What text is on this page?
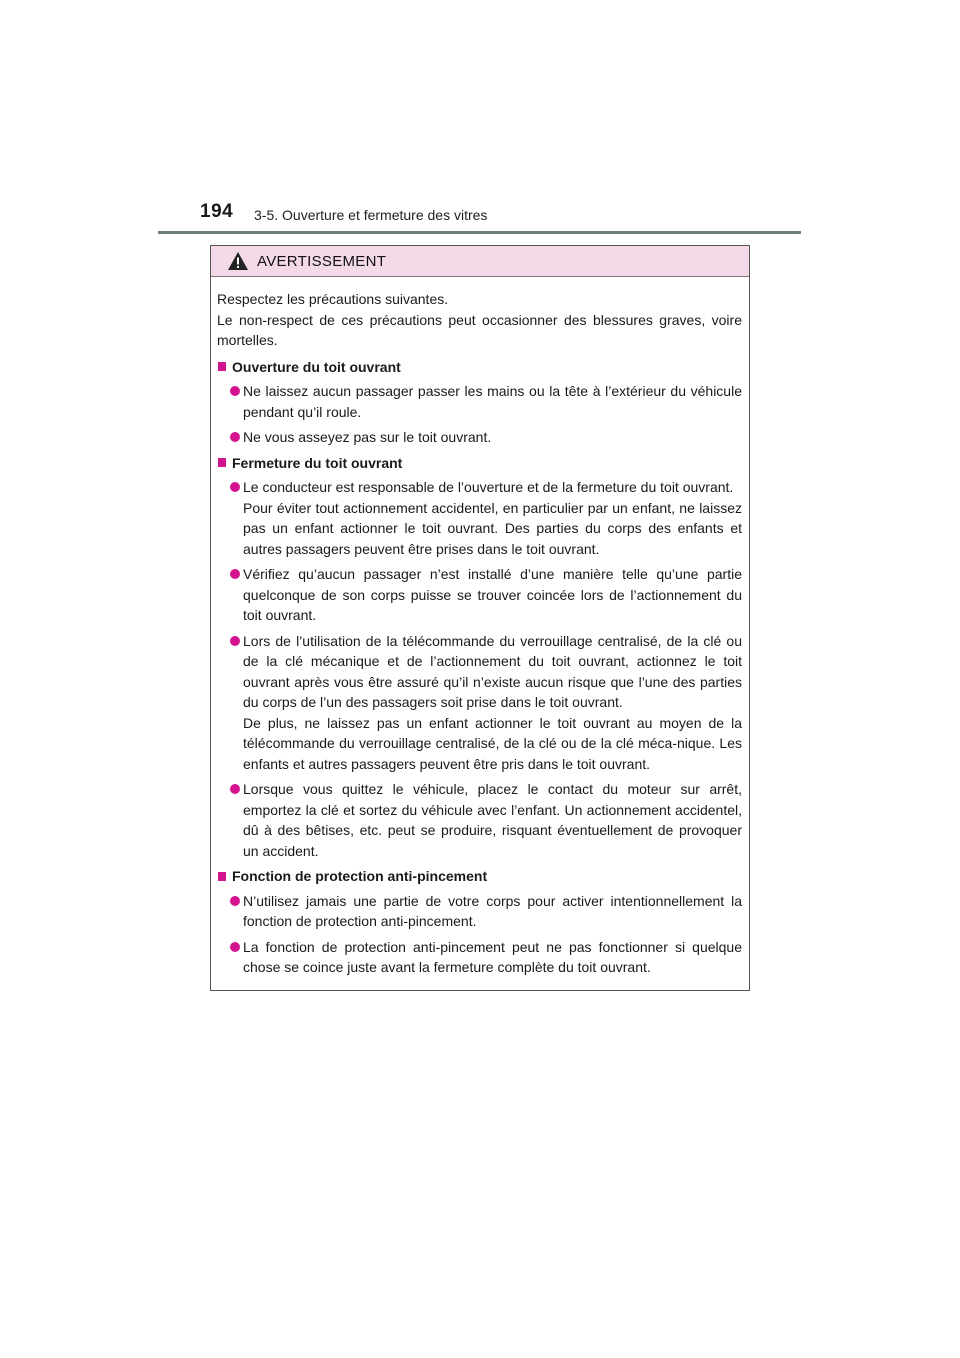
194 3-5. Ouverture et fermeture des vitres
AVERTISSEMENT

Respectez les précautions suivantes.

Le non-respect de ces précautions peut occasionner des blessures graves, voire mortelles.

Ouverture du toit ouvrant

Ne laissez aucun passager passer les mains ou la tête à l’extérieur du véhicule pendant qu’il roule.

Ne vous asseyez pas sur le toit ouvrant.

Fermeture du toit ouvrant

Le conducteur est responsable de l’ouverture et de la fermeture du toit ouvrant.

Pour éviter tout actionnement accidentel, en particulier par un enfant, ne laissez pas un enfant actionner le toit ouvrant. Des parties du corps des enfants et autres passagers peuvent être prises dans le toit ouvrant.

Vérifiez qu’aucun passager n’est installé d’une manière telle qu’une partie quelconque de son corps puisse se trouver coincée lors de l’actionnement du toit ouvrant.

Lors de l’utilisation de la télécommande du verrouillage centralisé, de la clé ou de la clé mécanique et de l’actionnement du toit ouvrant, actionnez le toit ouvrant après vous être assuré qu’il n’existe aucun risque que l’une des parties du corps de l’un des passagers soit prise dans le toit ouvrant.

De plus, ne laissez pas un enfant actionner le toit ouvrant au moyen de la télécommande du verrouillage centralisé, de la clé ou de la clé méca-nique. Les enfants et autres passagers peuvent être pris dans le toit ouvrant.

Lorsque vous quittez le véhicule, placez le contact du moteur sur arrêt, emportez la clé et sortez du véhicule avec l’enfant. Un actionnement accidentel, dû à des bêtises, etc. peut se produire, risquant éventuellement de provoquer un accident.

Fonction de protection anti-pincement

N’utilisez jamais une partie de votre corps pour activer intentionnellement la fonction de protection anti-pincement.

La fonction de protection anti-pincement peut ne pas fonctionner si quelque chose se coince juste avant la fermeture complète du toit ouvrant.
